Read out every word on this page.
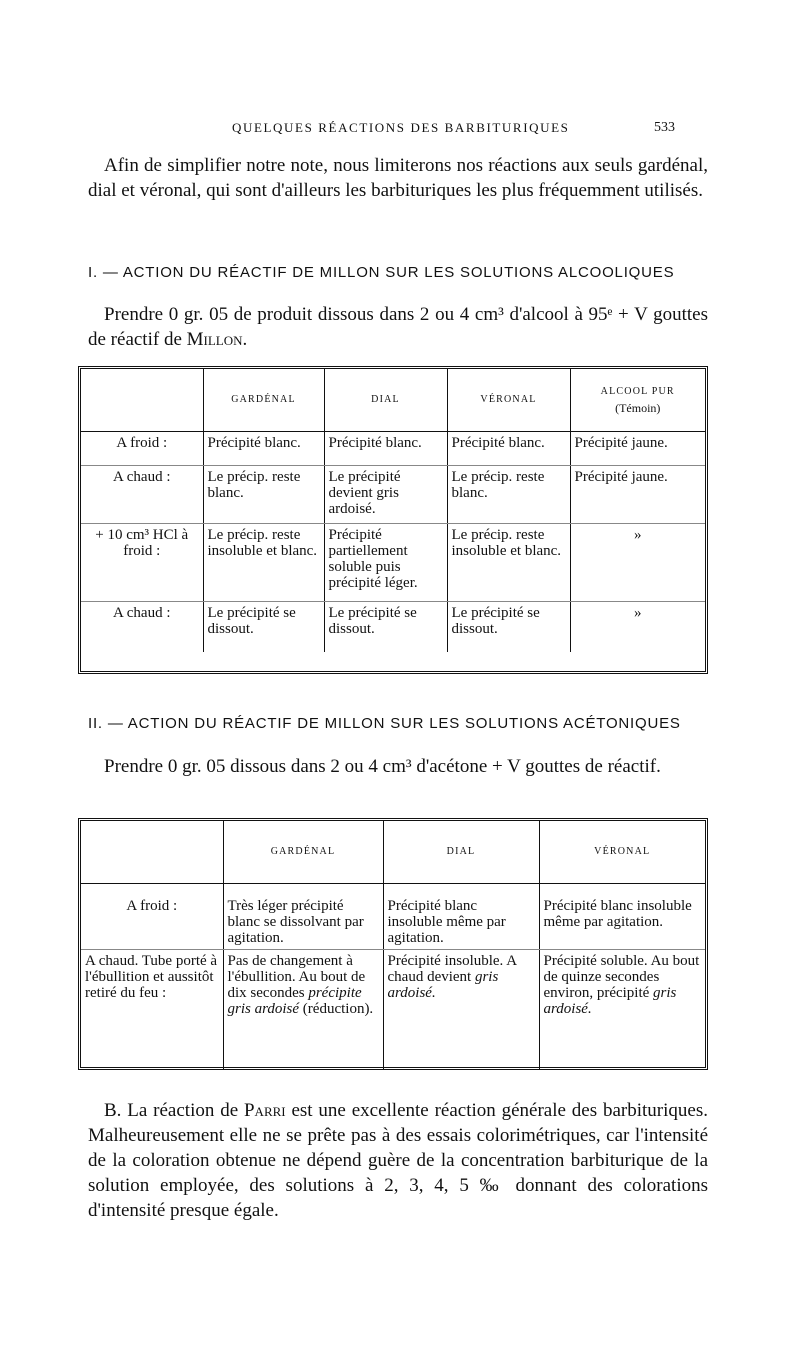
QUELQUES RÉACTIONS DES BARBITURIQUES	533

Afin de simplifier notre note, nous limiterons nos réactions aux seuls gardénal, dial et véronal, qui sont d'ailleurs les barbituriques les plus fréquemment utilisés.

I. — ACTION DU RÉACTIF DE MILLON SUR LES SOLUTIONS ALCOOLIQUES

Prendre 0 gr. 05 de produit dissous dans 2 ou 4 cm³ d'alcool à 95ᵉ + V gouttes de réactif de Millon.

	GARDÉNAL	DIAL	VÉRONAL	ALCOOL PUR
(Témoin)

A froid :	Précipité blanc.	Précipité blanc.	Précipité blanc.	Précipité jaune.
A chaud :	Le précip. reste blanc.	Le précipité devient gris ardoisé.	Le précip. reste blanc.	Précipité jaune.
+ 10 cm³ HCl à froid :	Le précip. reste insoluble et blanc.	Précipité partiellement soluble puis précipité léger.	Le précip. reste insoluble et blanc.	»
A chaud :	Le précipité se dissout.	Le précipité se dissout.	Le précipité se dissout.	»
II. — ACTION DU RÉACTIF DE MILLON SUR LES SOLUTIONS ACÉTONIQUES

Prendre 0 gr. 05 dissous dans 2 ou 4 cm³ d'acétone + V gouttes de réactif.

	GARDÉNAL	DIAL	VÉRONAL
A froid :	Très léger précipité blanc se dissolvant par agitation.	Précipité blanc insoluble même par agitation.	Précipité blanc insoluble même par agitation.
A chaud. Tube porté à l'ébullition et aussitôt retiré du feu :	Pas de changement à l'ébullition. Au bout de dix secondes précipite gris ardoisé (réduction).	Précipité insoluble. A chaud devient gris ardoisé.	Précipité soluble. Au bout de quinze secondes environ, précipité gris ardoisé.

B. La réaction de Parri est une excellente réaction générale des barbituriques. Malheureusement elle ne se prête pas à des essais colorimétriques, car l'intensité de la coloration obtenue ne dépend guère de la concentration barbiturique de la solution employée, des solutions à 2, 3, 4, 5 ‰ donnant des colorations d'intensité presque égale.
